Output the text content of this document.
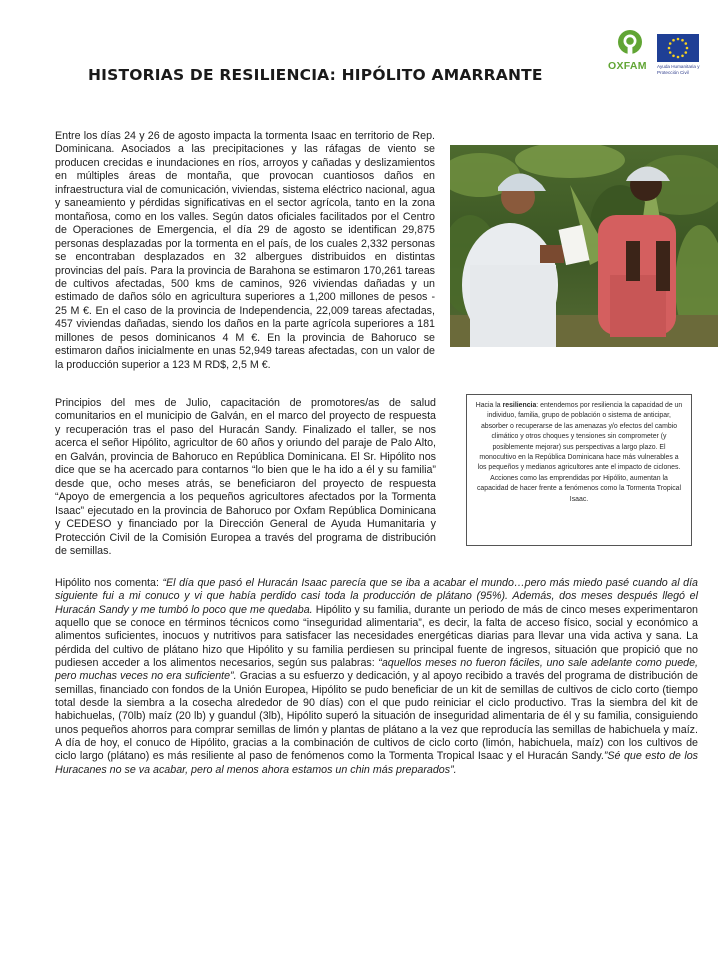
HISTORIAS DE RESILIENCIA: HIPÓLITO AMARRANTE	OXFAM Ayuda Humanitaria y Protección Civil
Entre los días 24 y 26 de agosto impacta la tormenta Isaac en territorio de Rep. Dominicana. Asociados a las precipitaciones y las ráfagas de viento se producen crecidas e inundaciones en ríos, arroyos y cañadas y deslizamientos en múltiples áreas de montaña, que provocan cuantiosos daños en infraestructura vial de comunicación, viviendas, sistema eléctrico nacional, agua y saneamiento y pérdidas significativas en el sector agrícola, tanto en la zona montañosa, como en los valles. Según datos oficiales facilitados por el Centro de Operaciones de Emergencia, el día 29 de agosto se identifican 29,875 personas desplazadas por la tormenta en el país, de los cuales 2,332 personas se encontraban desplazados en 32 albergues distribuidos en distintas provincias del país. Para la provincia de Barahona se estimaron 170,261 tareas de cultivos afectadas, 500 kms de caminos, 926 viviendas dañadas y un estimado de daños sólo en agricultura superiores a 1,200 millones de pesos - 25 M €. En el caso de la provincia de Independencia, 22,009 tareas afectadas, 457 viviendas dañadas, siendo los daños en la parte agrícola superiores a 181 millones de pesos dominicanos 4 M €. En la provincia de Bahoruco se estimaron daños inicialmente en unas 52,949 tareas afectadas, con un valor de la producción superior a 123 M RD$, 2,5 M €.
Principios del mes de Julio, capacitación de promotores/as de salud comunitarios en el municipio de Galván, en el marco del proyecto de respuesta y recuperación tras el paso del Huracán Sandy. Finalizado el taller, se nos acerca el señor Hipólito, agricultor de 60 años y oriundo del paraje de Palo Alto, en Galván, provincia de Bahoruco en República Dominicana. El Sr. Hipólito nos dice que se ha acercado para contarnos “lo bien que le ha ido a él y su familia” desde que, ocho meses atrás, se beneficiaron del proyecto de respuesta “Apoyo de emergencia a los pequeños agricultores afectados por la Tormenta Isaac” ejecutado en la provincia de Bahoruco por Oxfam República Dominicana y CEDESO y financiado por la Dirección General de Ayuda Humanitaria y Protección Civil de la Comisión Europea a través del programa de distribución de semillas.
Hacia la resiliencia: entendemos por resiliencia la capacidad de un individuo, familia, grupo de población o sistema de anticipar, absorber o recuperarse de las amenazas y/o efectos del cambio climático y otros choques y tensiones sin comprometer (y posiblemente mejorar) sus perspectivas a largo plazo. El monocultivo en la República Dominicana hace más vulnerables a los pequeños y medianos agricultores ante el impacto de ciclones. Acciones como las emprendidas por Hipólito, aumentan la capacidad de hacer frente a fenómenos como la Tormenta Tropical Isaac.
Hipólito nos comenta: “El día que pasó el Huracán Isaac parecía que se iba a acabar el mundo…pero más miedo pasé cuando al día siguiente fui a mi conuco y vi que había perdido casi toda la producción de plátano (95%). Además, dos meses después llegó el Huracán Sandy y me tumbó lo poco que me quedaba. Hipólito y su familia, durante un periodo de más de cinco meses experimentaron aquello que se conoce en términos técnicos como “inseguridad alimentaria”, es decir, la falta de acceso físico, social y económico a alimentos suficientes, inocuos y nutritivos para satisfacer las necesidades energéticas diarias para llevar una vida activa y sana. La pérdida del cultivo de plátano hizo que Hipólito y su familia perdiesen su principal fuente de ingresos, situación que propició que no pudiesen acceder a los alimentos necesarios, según sus palabras: “aquellos meses no fueron fáciles, uno sale adelante como puede, pero muchas veces no era suficiente”. Gracias a su esfuerzo y dedicación, y al apoyo recibido a través del programa de distribución de semillas, financiado con fondos de la Unión Europea, Hipólito se pudo beneficiar de un kit de semillas de cultivos de ciclo corto (tiempo total desde la siembra a la cosecha alrededor de 90 días) con el que pudo reiniciar el ciclo productivo. Tras la siembra del kit de habichuelas, (70lb) maíz (20 lb) y guandul (3lb), Hipólito superó la situación de inseguridad alimentaria de él y su familia, consiguiendo unos pequeños ahorros para comprar semillas de limón y plantas de plátano a la vez que reproducía las semillas de habichuela y maíz. A día de hoy, el conuco de Hipólito, gracias a la combinación de cultivos de ciclo corto (limón, habichuela, maíz) con los cultivos de ciclo largo (plátano) es más resiliente al paso de fenómenos como la Tormenta Tropical Isaac y el Huracán Sandy.”Sé que esto de los Huracanes no se va acabar, pero al menos ahora estamos un chin más preparados”.
